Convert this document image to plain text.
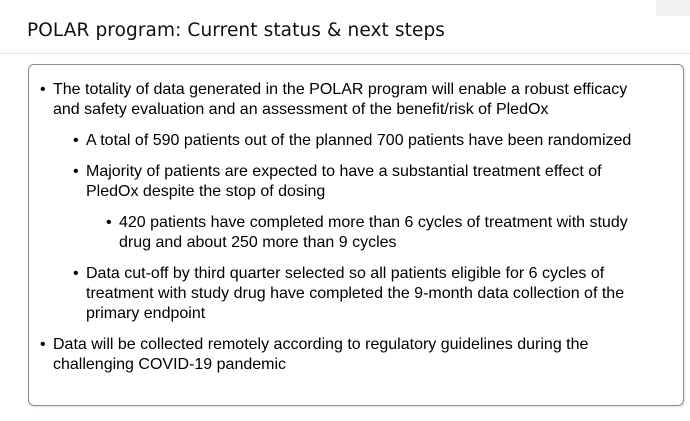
POLAR program: Current status & next steps
• The totality of data generated in the POLAR program will enable a robust efficacy
and safety evaluation and an assessment of the benefit/risk of PledOx
• A total of 590 patients out of the planned 700 patients have been randomized
• Majority of patients are expected to have a substantial treatment effect of
PledOx despite the stop of dosing
• 420 patients have completed more than 6 cycles of treatment with study
drug and about 250 more than 9 cycles
• Data cut-off by third quarter selected so all patients eligible for 6 cycles of
treatment with study drug have completed the 9-month data collection of the
primary endpoint
• Data will be collected remotely according to regulatory guidelines during the
challenging COVID-19 pandemic
